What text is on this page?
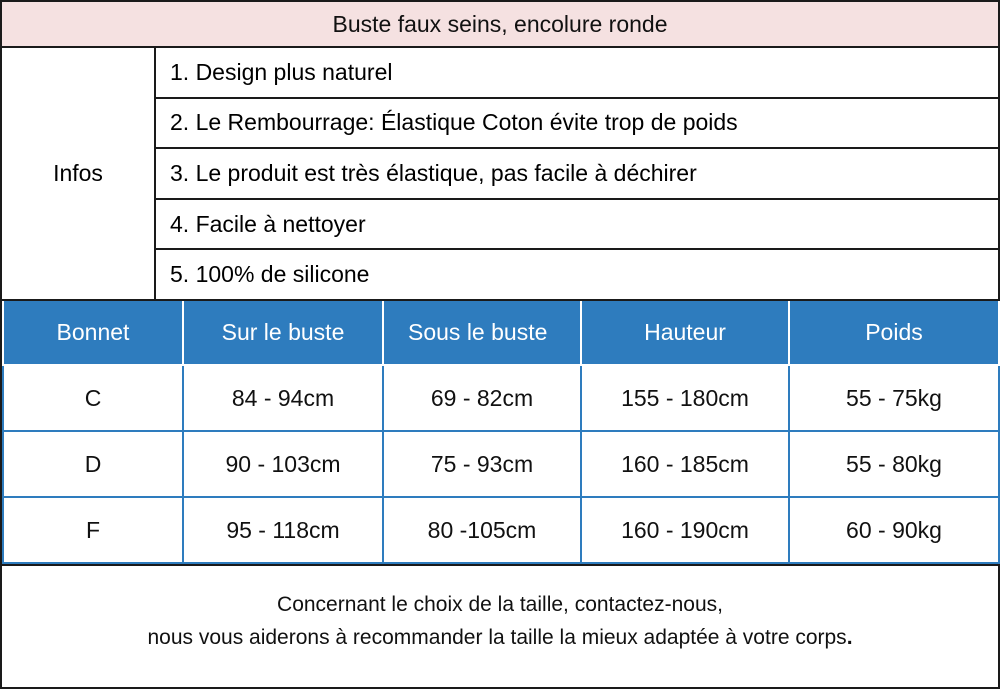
Buste faux seins, encolure ronde
Infos
1. Design plus naturel
2. Le Rembourrage: Élastique Coton évite trop de poids
3. Le produit est très élastique, pas facile à déchirer
4. Facile à nettoyer
5. 100% de silicone
Bonnet	Sur le buste	Sous le buste	Hauteur	Poids
C	84 - 94cm	69 - 82cm	155 - 180cm	55 - 75kg
D	90 - 103cm	75 - 93cm	160 - 185cm	55 - 80kg
F	95 - 118cm	80 -105cm	160 - 190cm	60 - 90kg
Concernant le choix de la taille, contactez-nous,
nous vous aiderons à recommander la taille la mieux adaptée à votre corps.
